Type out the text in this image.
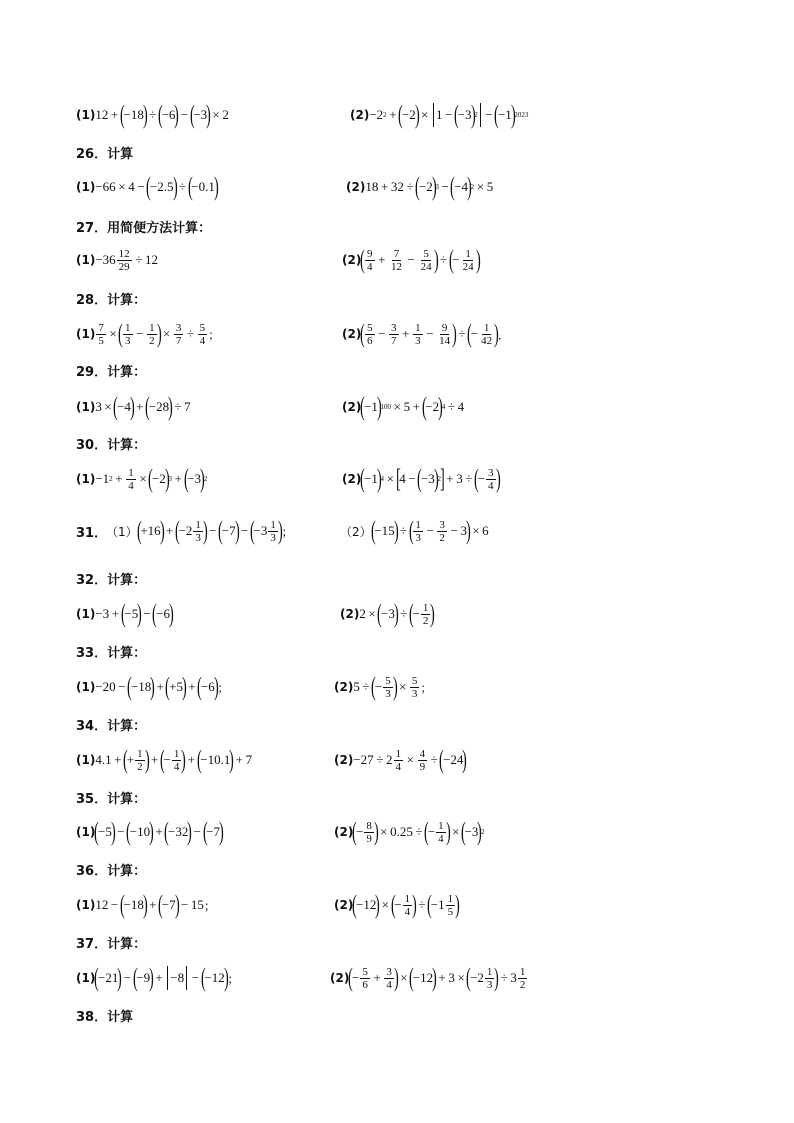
(1) 12  + 
(
− 18
)
 ÷ 
(
− 6
)
 − 
(
− 3
)
 ×  2	(2) − 2 2  + 
(
− 2
)
 ×  1  − 
(
− 3
)
2  − 
(
− 1
)
2023
26．计算
(1) − 66  ×  4  − 
(
− 2.5
)
 ÷ 
(
− 0.1
)	(2) 18  +  32  ÷ 
(
− 2
)
3  − 
(
− 4
)
2  ×  5
27．用简便方法计算：
(1) −36 12
29  ÷  12	(2)
( 9
$4 + \frac{7}{12} - \frac{5}{24}$ )
 ÷ 
(
− $\frac{1}{24}$ )
28．计算：
$(1) \frac{7}{5}$  × 
( 1
$3 - \frac{1}{2}$ )
 ×  $\frac{3}{7} \div \frac{5}{4}$ ；	(2)
( 5
$6 - \frac{3}{7} + \frac{1}{3} - \frac{9}{14}$ )
 ÷ 
(
− $\frac{1}{42}$ )
．
29．计算：
(1) 3  × 
(
− 4
)
 + 
(
− 28
)
 ÷  7	(2)
(
− 1
)
100  ×  5  + 
(
− 2
)
4  ÷  4
30．计算：
(1) − 1 $2 + \frac{1}{4}$  × 
(
− 2
)
3  + 
(
− 3
)
2	(2)
(
− 1
)
4  × 
[
4  − 
(
− 3
)
2
]
 +  3  ÷ 
(
− $\frac{3}{4}$ )
31．
（1）
(
+ 16
)
 + 
(
−2 1
3 )
 − 
(
− 7
)
 − 
(
−3 1
3 )
；	（2）
(
− 15
)
 ÷ 
( 1
$3 - \frac{3}{2} - 3$
)
 ×  6
32．计算：
(1) − 3  + 
(
− 5
)
 − 
(
− 6
)	(2) 2  × 
(
− 3
)
 ÷ 
(
− $\frac{1}{2}$ )
33．计算：
(1) − 20  − 
(
− 18
)
 + 
(
+ 5
)
 + 
(
− 6
)
；	(2) 5  ÷ 
(
− $\frac{5}{3}$ )
 ×  $\frac{5}{3}$ ；
34．计算：
(1) 4.1  + 
(
+ $\frac{1}{2}$ )
 + 
(
− $\frac{1}{4}$ )
 + 
(
− 10.1
)
 +  7	(2) − 27  ÷  2 1
$4 \times \frac{4}{9}$  ÷ 
(
− 24
)
35．计算：
(1)
(
− 5
)
 − 
(
− 10
)
 + 
(
− 32
)
 − 
(
− 7
)	(2)
(
− $\frac{8}{9}$ )
 ×  0.25  ÷ 
(
− $\frac{1}{4}$ )
 × 
(
− 3
)
2
36．计算：
(1) 12  − 
(
− 18
)
 + 
(
− 7
)
 −  15 ；	(2)
(
− 12
)
 × 
(
− $\frac{1}{4}$ )
 ÷ 
(
−1 1
5 )
37．计算：
(1)
(
− 21
)
 − 
(
− 9
)
 +  − 8  − 
(
− 12
)
；	(2)
(
− $\frac{5}{6} + \frac{3}{4}$ )
 × 
(
− 12
)
 +  3  × 
(
−2 1
3 )
 ÷  3 1
2
38．计算
